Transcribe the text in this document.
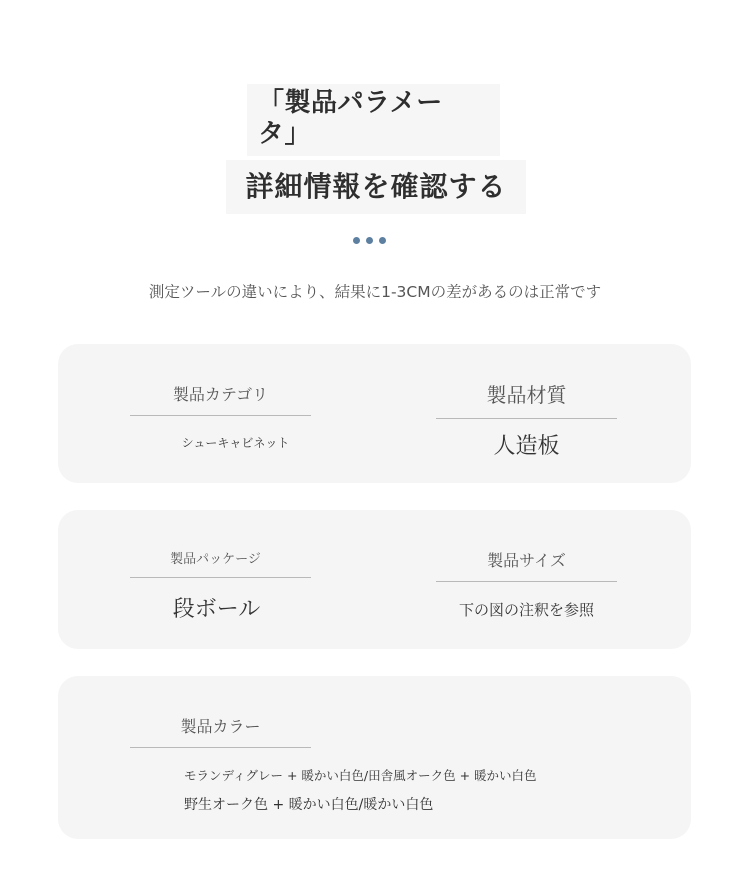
「製品パラメー
タ」
詳細情報を確認する
測定ツールの違いにより、結果に1-3CMの差があるのは正常です
製品カテゴリ
シューキャビネット
製品材質
人造板
製品パッケージ
段ボール
製品サイズ
下の図の注釈を参照
製品カラー
モランディグレー + 暖かい白色/田舎風オーク色 + 暖かい白色
野生オーク色 + 暖かい白色/暖かい白色
